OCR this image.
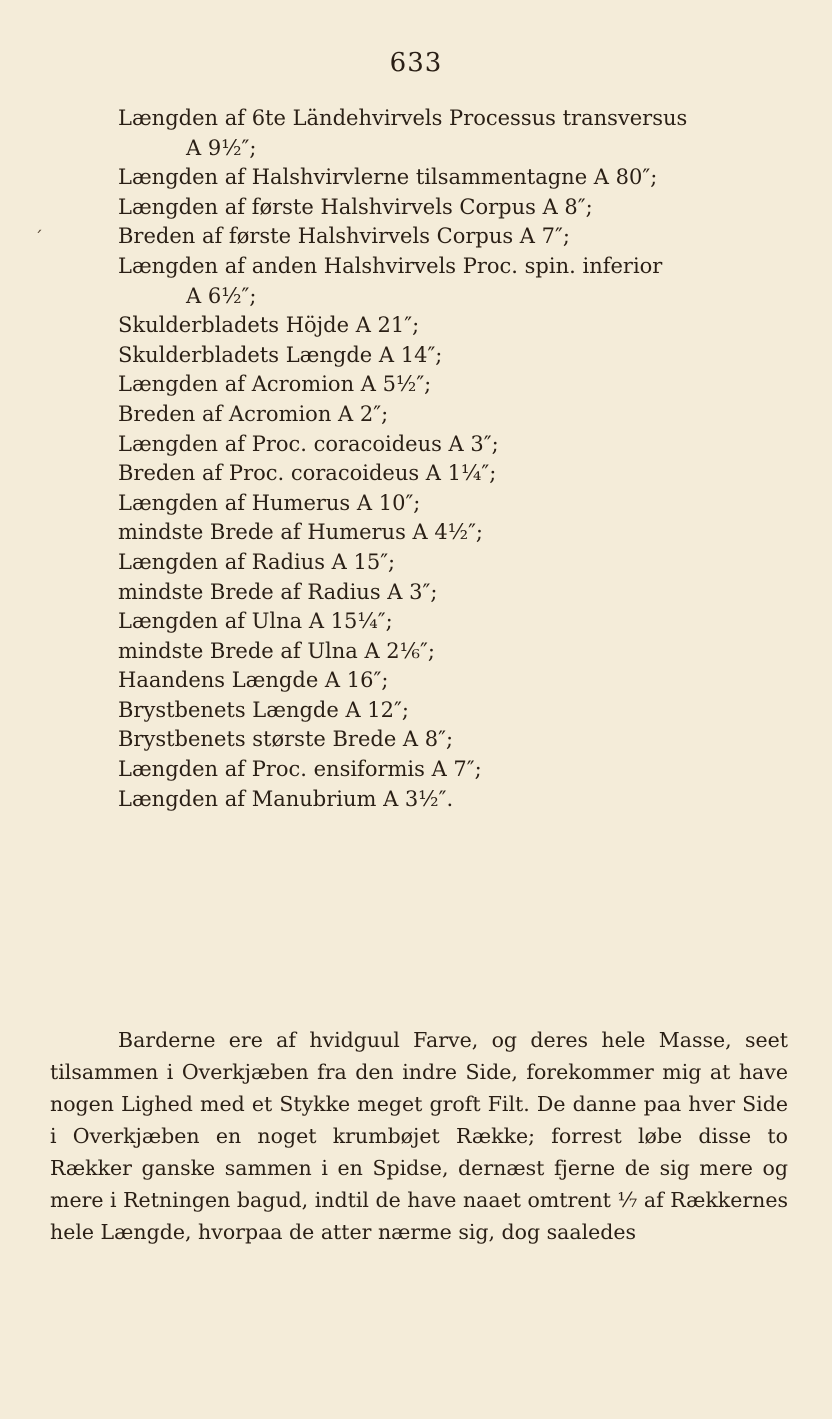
633
´
Længden af 6te Ländehvirvels Processus transversus
A 9½″;
Længden af Halshvirvlerne tilsammentagne A 80″;
Længden af første Halshvirvels Corpus A 8″;
Breden af første Halshvirvels Corpus A 7″;
Længden af anden Halshvirvels Proc. spin. inferior
A 6½″;
Skulderbladets Höjde A 21″;
Skulderbladets Længde A 14″;
Længden af Acromion A 5½″;
Breden af Acromion A 2″;
Længden af Proc. coracoideus A 3″;
Breden af Proc. coracoideus A 1¼″;
Længden af Humerus A 10″;
mindste Brede af Humerus A 4½″;
Længden af Radius A 15″;
mindste Brede af Radius A 3″;
Længden af Ulna A 15¼″;
mindste Brede af Ulna A 2⅙″;
Haandens Længde A 16″;
Brystbenets Længde A 12″;
Brystbenets største Brede A 8″;
Længden af Proc. ensiformis A 7″;
Længden af Manubrium A 3½″.

Barderne ere af hvidguul Farve, og deres hele Masse, seet tilsammen i Overkjæben fra den indre Side, forekommer mig at have nogen Lighed med et Stykke meget groft Filt. De danne paa hver Side i Overkjæben en noget krumbøjet Række; forrest løbe disse to Rækker ganske sammen i en Spidse, dernæst fjerne de sig mere og mere i Retningen bagud, indtil de have naaet omtrent ⅐ af Rækkernes hele Længde, hvorpaa de atter nærme sig, dog saaledes
